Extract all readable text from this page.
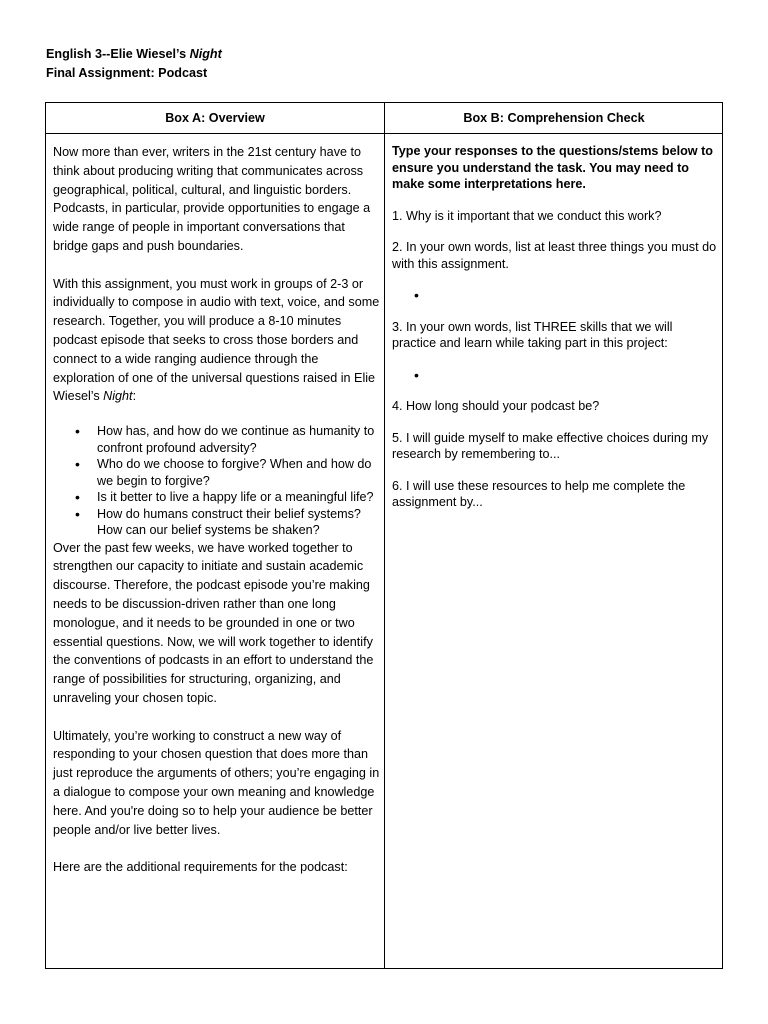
English 3--Elie Wiesel’s Night
Final Assignment: Podcast
Box A: Overview	Box B: Comprehension Check

Now more than ever, writers in the 21st century have to think about producing writing that communicates across geographical, political, cultural, and linguistic borders. Podcasts, in particular, provide opportunities to engage a wide range of people in important conversations that bridge gaps and push boundaries.

With this assignment, you must work in groups of 2-3 or individually to compose in audio with text, voice, and some research. Together, you will produce a 8-10 minutes podcast episode that seeks to cross those borders and connect to a wide ranging audience through the exploration of one of the universal questions raised in Elie Wiesel’s Night:

• How has, and how do we continue as humanity to confront profound adversity?
• Who do we choose to forgive? When and how do we begin to forgive?
• Is it better to live a happy life or a meaningful life?
• How do humans construct their belief systems? How can our belief systems be shaken?

Over the past few weeks, we have worked together to strengthen our capacity to initiate and sustain academic discourse. Therefore, the podcast episode you’re making needs to be discussion-driven rather than one long monologue, and it needs to be grounded in one or two essential questions. Now, we will work together to identify the conventions of podcasts in an effort to understand the range of possibilities for structuring, organizing, and unraveling your chosen topic.

Ultimately, you’re working to construct a new way of responding to your chosen question that does more than just reproduce the arguments of others; you’re engaging in a dialogue to compose your own meaning and knowledge here. And you're doing so to help your audience be better people and/or live better lives.

Here are the additional requirements for the podcast:

Type your responses to the questions/stems below to ensure you understand the task. You may need to make some interpretations here.

1. Why is it important that we conduct this work?

2. In your own words, list at least three things you must do with this assignment.

•

3. In your own words, list THREE skills that we will practice and learn while taking part in this project:

•

4. How long should your podcast be?

5. I will guide myself to make effective choices during my research by remembering to...

6. I will use these resources to help me complete the assignment by...
